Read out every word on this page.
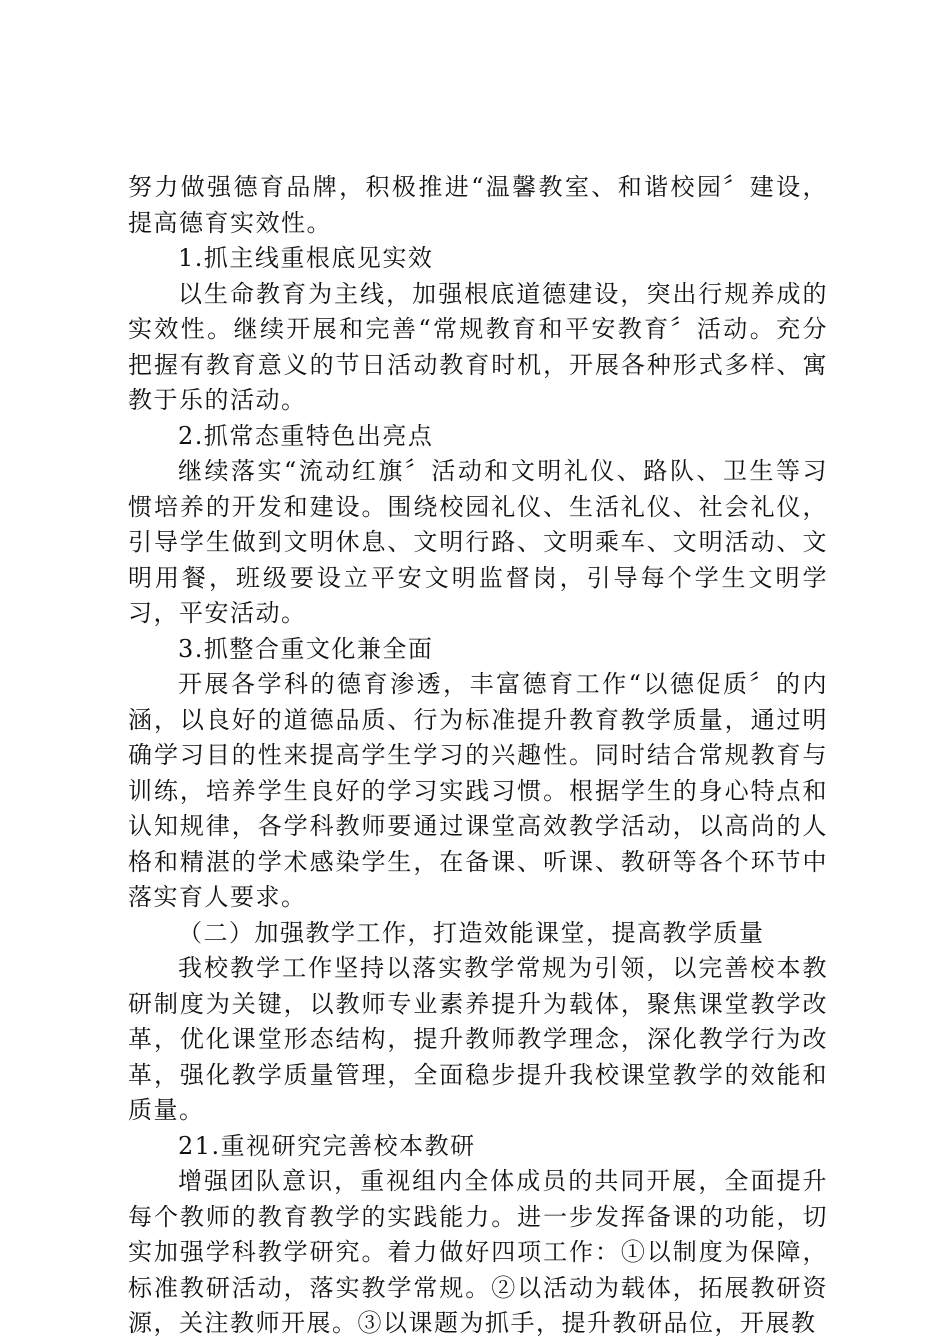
努力做强德育品牌，积极推进“温馨教室、和谐校园〞建设，提高德育实效性。

1.抓主线重根底见实效

以生命教育为主线，加强根底道德建设，突出行规养成的实效性。继续开展和完善“常规教育和平安教育〞活动。充分把握有教育意义的节日活动教育时机，开展各种形式多样、寓教于乐的活动。

2.抓常态重特色出亮点

继续落实“流动红旗〞活动和文明礼仪、路队、卫生等习惯培养的开发和建设。围绕校园礼仪、生活礼仪、社会礼仪，引导学生做到文明休息、文明行路、文明乘车、文明活动、文明用餐，班级要设立平安文明监督岗，引导每个学生文明学习，平安活动。

3.抓整合重文化兼全面

开展各学科的德育渗透，丰富德育工作“以德促质〞的内涵，以良好的道德品质、行为标准提升教育教学质量，通过明确学习目的性来提高学生学习的兴趣性。同时结合常规教育与训练，培养学生良好的学习实践习惯。根据学生的身心特点和认知规律，各学科教师要通过课堂高效教学活动，以高尚的人格和精湛的学术感染学生，在备课、听课、教研等各个环节中落实育人要求。

（二）加强教学工作，打造效能课堂，提高教学质量

我校教学工作坚持以落实教学常规为引领，以完善校本教研制度为关键，以教师专业素养提升为载体，聚焦课堂教学改革，优化课堂形态结构，提升教师教学理念，深化教学行为改革，强化教学质量管理，全面稳步提升我校课堂教学的效能和质量。

21.重视研究完善校本教研

增强团队意识，重视组内全体成员的共同开展，全面提升每个教师的教育教学的实践能力。进一步发挥备课的功能，切实加强学科教学研究。着力做好四项工作：①以制度为保障，标准教研活动，落实教学常规。②以活动为载体，拓展教研资源，关注教师开展。③以课题为抓手，提升教研品位，开展教
